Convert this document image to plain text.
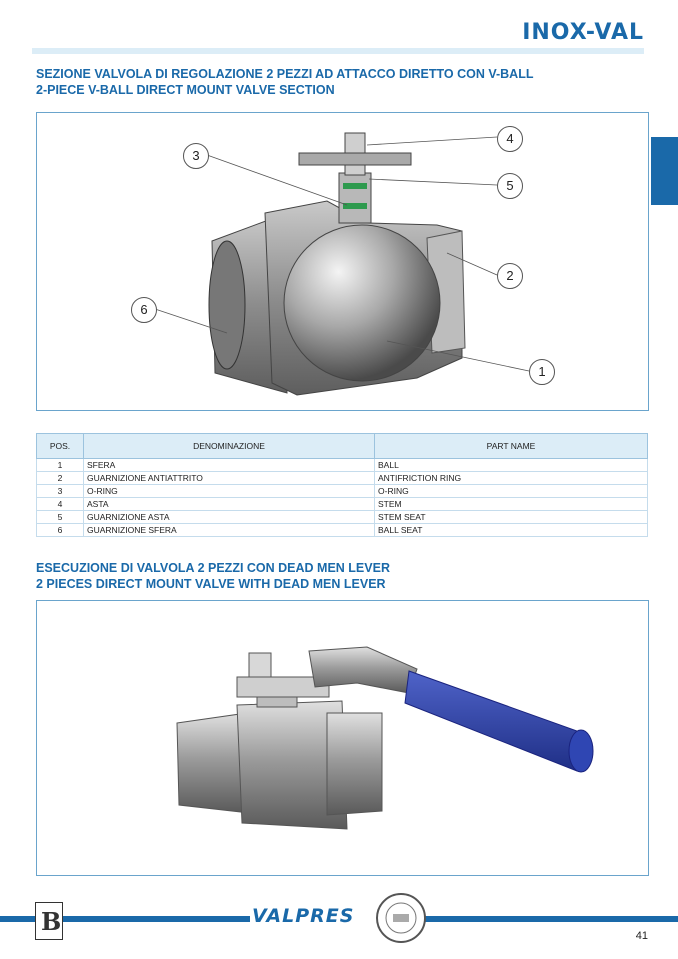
INOX-VAL
SEZIONE VALVOLA DI REGOLAZIONE 2 PEZZI AD ATTACCO DIRETTO CON V-BALL
2-PIECE V-BALL DIRECT MOUNT VALVE SECTION
3
4
5
2
1
6
POS.	DENOMINAZIONE	PART NAME
1	SFERA	BALL
2	GUARNIZIONE ANTIATTRITO	ANTIFRICTION RING
3	O-RING	O-RING
4	ASTA	STEM
5	GUARNIZIONE ASTA	STEM SEAT
6	GUARNIZIONE SFERA	BALL SEAT
ESECUZIONE DI VALVOLA 2 PEZZI CON DEAD MEN LEVER
2 PIECES DIRECT MOUNT VALVE WITH DEAD MEN LEVER
B	VALPRES
41
